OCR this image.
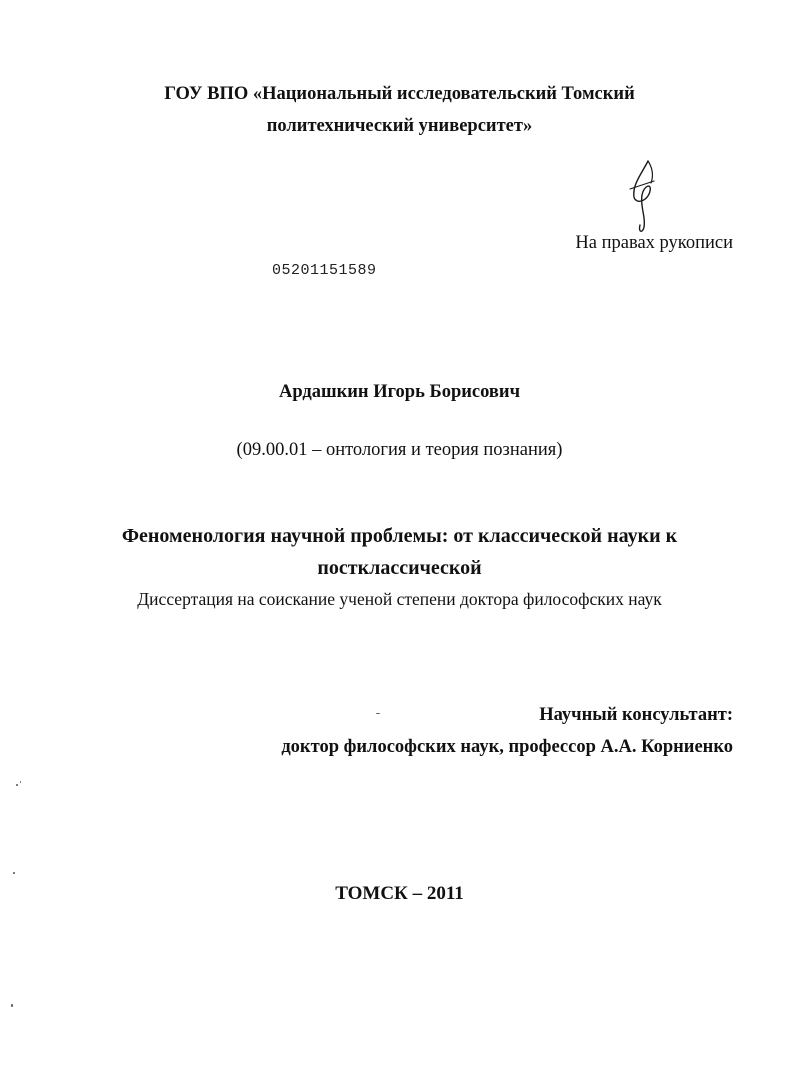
ГОУ ВПО «Национальный исследовательский Томский

политехнический университет»

На правах рукописи

05201151589

Ардашкин Игорь Борисович

(09.00.01 – онтология и теория познания)

Феноменология научной проблемы: от классической науки к

постклассической

Диссертация на соискание ученой степени доктора философских наук

Научный консультант:

доктор философских наук, профессор А.А. Корниенко

ТОМСК – 2011
